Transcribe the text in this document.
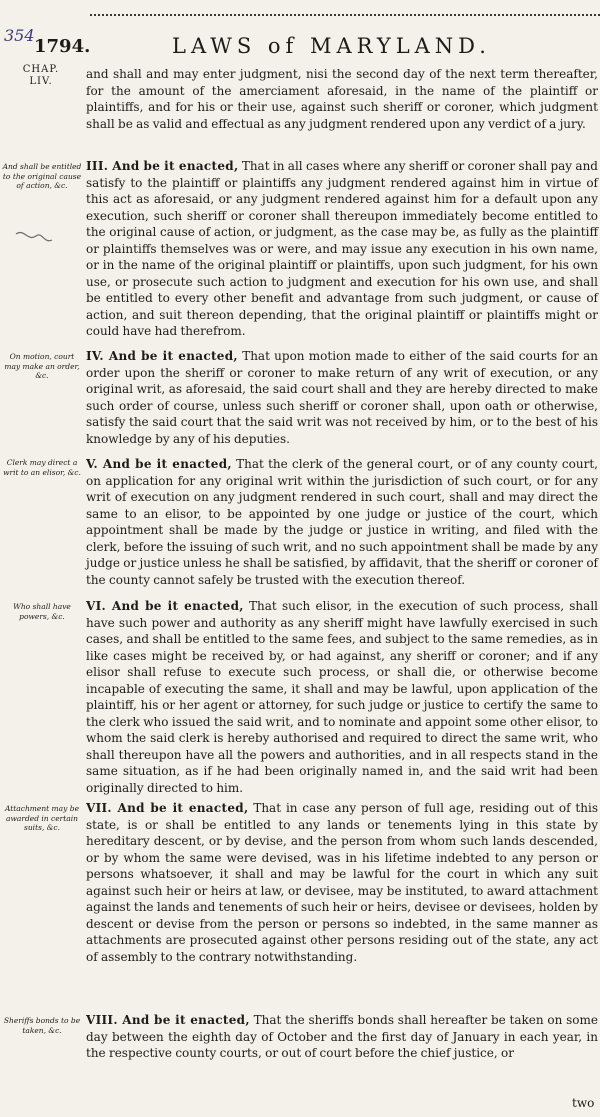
354
1794.	LAWS of MARYLAND.
CHAP.
LIV.
and shall and may enter judgment, nisi the second day of the next term thereafter, for the amount of the amerciament aforesaid, in the name of the plaintiff or plaintiffs, and for his or their use, against such sheriff or coroner, which judgment shall be as valid and effectual as any judgment rendered upon any verdict of a jury.
And shall be entitled to the original cause of action, &c.
III. And be it enacted, That in all cases where any sheriff or coroner shall pay and satisfy to the plaintiff or plaintiffs any judgment rendered against him in virtue of this act as aforesaid, or any judgment rendered against him for a default upon any execution, such sheriff or coroner shall thereupon immediately become entitled to the original cause of action, or judgment, as the case may be, as fully as the plaintiff or plaintiffs themselves was or were, and may issue any execution in his own name, or in the name of the original plaintiff or plaintiffs, upon such judgment, for his own use, or prosecute such action to judgment and execution for his own use, and shall be entitled to every other benefit and advantage from such judgment, or cause of action, and suit thereon depending, that the original plaintiff or plaintiffs might or could have had therefrom.
On motion, court may make an order, &c.
IV. And be it enacted, That upon motion made to either of the said courts for an order upon the sheriff or coroner to make return of any writ of execution, or any original writ, as aforesaid, the said court shall and they are hereby directed to make such order of course, unless such sheriff or coroner shall, upon oath or otherwise, satisfy the said court that the said writ was not received by him, or to the best of his knowledge by any of his deputies.
Clerk may direct a writ to an elisor, &c.
V. And be it enacted, That the clerk of the general court, or of any county court, on application for any original writ within the jurisdiction of such court, or for any writ of execution on any judgment rendered in such court, shall and may direct the same to an elisor, to be appointed by one judge or justice of the court, which appointment shall be made by the judge or justice in writing, and filed with the clerk, before the issuing of such writ, and no such appointment shall be made by any judge or justice unless he shall be satisfied, by affidavit, that the sheriff or coroner of the county cannot safely be trusted with the execution thereof.
Who shall have powers, &c.
VI. And be it enacted, That such elisor, in the execution of such process, shall have such power and authority as any sheriff might have lawfully exercised in such cases, and shall be entitled to the same fees, and subject to the same remedies, as in like cases might be received by, or had against, any sheriff or coroner; and if any elisor shall refuse to execute such process, or shall die, or otherwise become incapable of executing the same, it shall and may be lawful, upon application of the plaintiff, his or her agent or attorney, for such judge or justice to certify the same to the clerk who issued the said writ, and to nominate and appoint some other elisor, to whom the said clerk is hereby authorised and required to direct the same writ, who shall thereupon have all the powers and authorities, and in all respects stand in the same situation, as if he had been originally named in, and the said writ had been originally directed to him.
Attachment may be awarded in certain suits, &c.
VII. And be it enacted, That in case any person of full age, residing out of this state, is or shall be entitled to any lands or tenements lying in this state by hereditary descent, or by devise, and the person from whom such lands descended, or by whom the same were devised, was in his lifetime indebted to any person or persons whatsoever, it shall and may be lawful for the court in which any suit against such heir or heirs at law, or devisee, may be instituted, to award attachment against the lands and tenements of such heir or heirs, devisee or devisees, holden by descent or devise from the person or persons so indebted, in the same manner as attachments are prosecuted against other persons residing out of the state, any act of assembly to the contrary notwithstanding.
Sheriffs bonds to be taken, &c.
VIII. And be it enacted, That the sheriffs bonds shall hereafter be taken on some day between the eighth day of October and the first day of January in each year, in the respective county courts, or out of court before the chief justice, or
two
